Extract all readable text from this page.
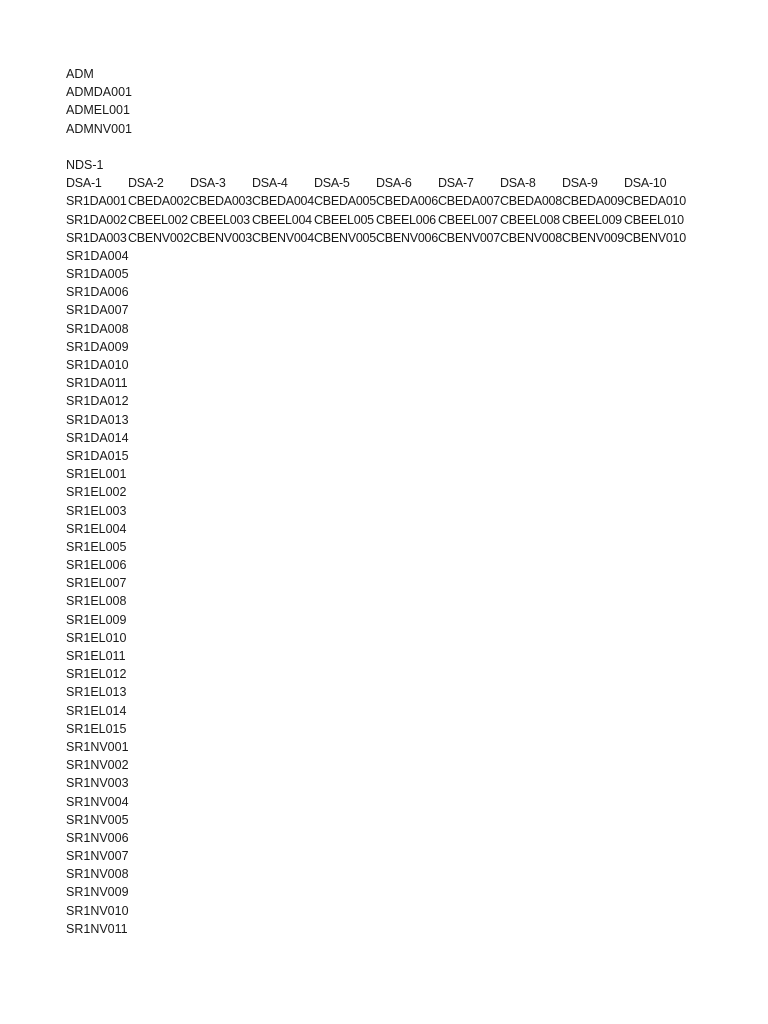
ADM
ADMDA001
ADMEL001
ADMNV001
NDS-1
DSA-1	DSA-2	DSA-3	DSA-4	DSA-5	DSA-6	DSA-7	DSA-8	DSA-9	DSA-10
SR1DA001 CBEDA002 CBEDA003 CBEDA004 CBEDA005 CBEDA006 CBEDA007 CBEDA008 CBEDA009 CBEDA010
SR1DA002 CBEEL002 CBEEL003 CBEEL004 CBEEL005 CBEEL006 CBEEL007 CBEEL008 CBEEL009 CBEEL010
SR1DA003 CBENV002 CBENV003 CBENV004 CBENV005 CBENV006 CBENV007 CBENV008 CBENV009 CBENV010
SR1DA004
SR1DA005
SR1DA006
SR1DA007
SR1DA008
SR1DA009
SR1DA010
SR1DA011
SR1DA012
SR1DA013
SR1DA014
SR1DA015
SR1EL001
SR1EL002
SR1EL003
SR1EL004
SR1EL005
SR1EL006
SR1EL007
SR1EL008
SR1EL009
SR1EL010
SR1EL011
SR1EL012
SR1EL013
SR1EL014
SR1EL015
SR1NV001
SR1NV002
SR1NV003
SR1NV004
SR1NV005
SR1NV006
SR1NV007
SR1NV008
SR1NV009
SR1NV010
SR1NV011
